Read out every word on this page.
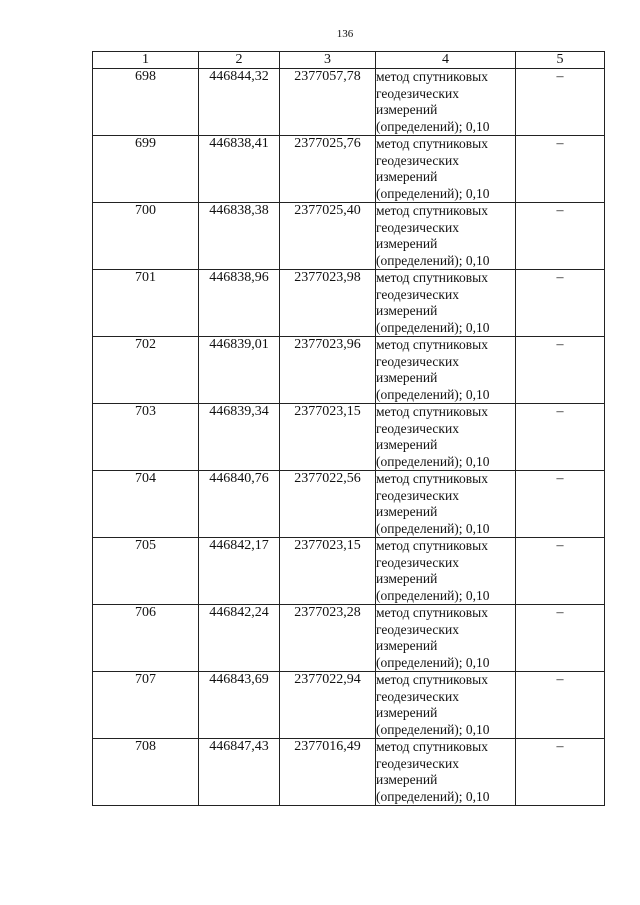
136
1	2	3	4	5
698	446844,32	2377057,78	метод спутниковых
геодезических
измерений
(определений); 0,10	–
699	446838,41	2377025,76	метод спутниковых
геодезических
измерений
(определений); 0,10	–
700	446838,38	2377025,40	метод спутниковых
геодезических
измерений
(определений); 0,10	–
701	446838,96	2377023,98	метод спутниковых
геодезических
измерений
(определений); 0,10	–
702	446839,01	2377023,96	метод спутниковых
геодезических
измерений
(определений); 0,10	–
703	446839,34	2377023,15	метод спутниковых
геодезических
измерений
(определений); 0,10	–
704	446840,76	2377022,56	метод спутниковых
геодезических
измерений
(определений); 0,10	–
705	446842,17	2377023,15	метод спутниковых
геодезических
измерений
(определений); 0,10	–
706	446842,24	2377023,28	метод спутниковых
геодезических
измерений
(определений); 0,10	–
707	446843,69	2377022,94	метод спутниковых
геодезических
измерений
(определений); 0,10	–
708	446847,43	2377016,49	метод спутниковых
геодезических
измерений
(определений); 0,10	–
